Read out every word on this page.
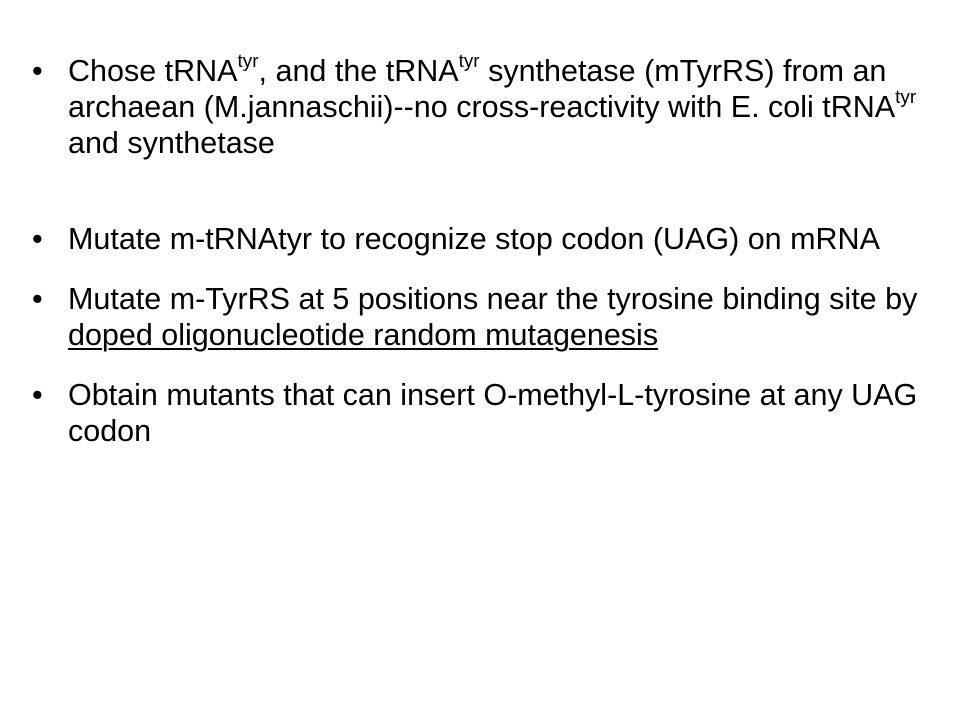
• Chose tRNA$^{tyr}$, and the tRNA$^{tyr}$ synthetase (mTyrRS) from an archaean (M.jannaschii)--no cross-reactivity with E. coli tRNA$^{tyr}$ and synthetase
• Mutate m-tRNAtyr to recognize stop codon (UAG) on mRNA
• Mutate m-TyrRS at 5 positions near the tyrosine binding site by doped oligonucleotide random mutagenesis
• Obtain mutants that can insert O-methyl-L-tyrosine at any UAG codon
